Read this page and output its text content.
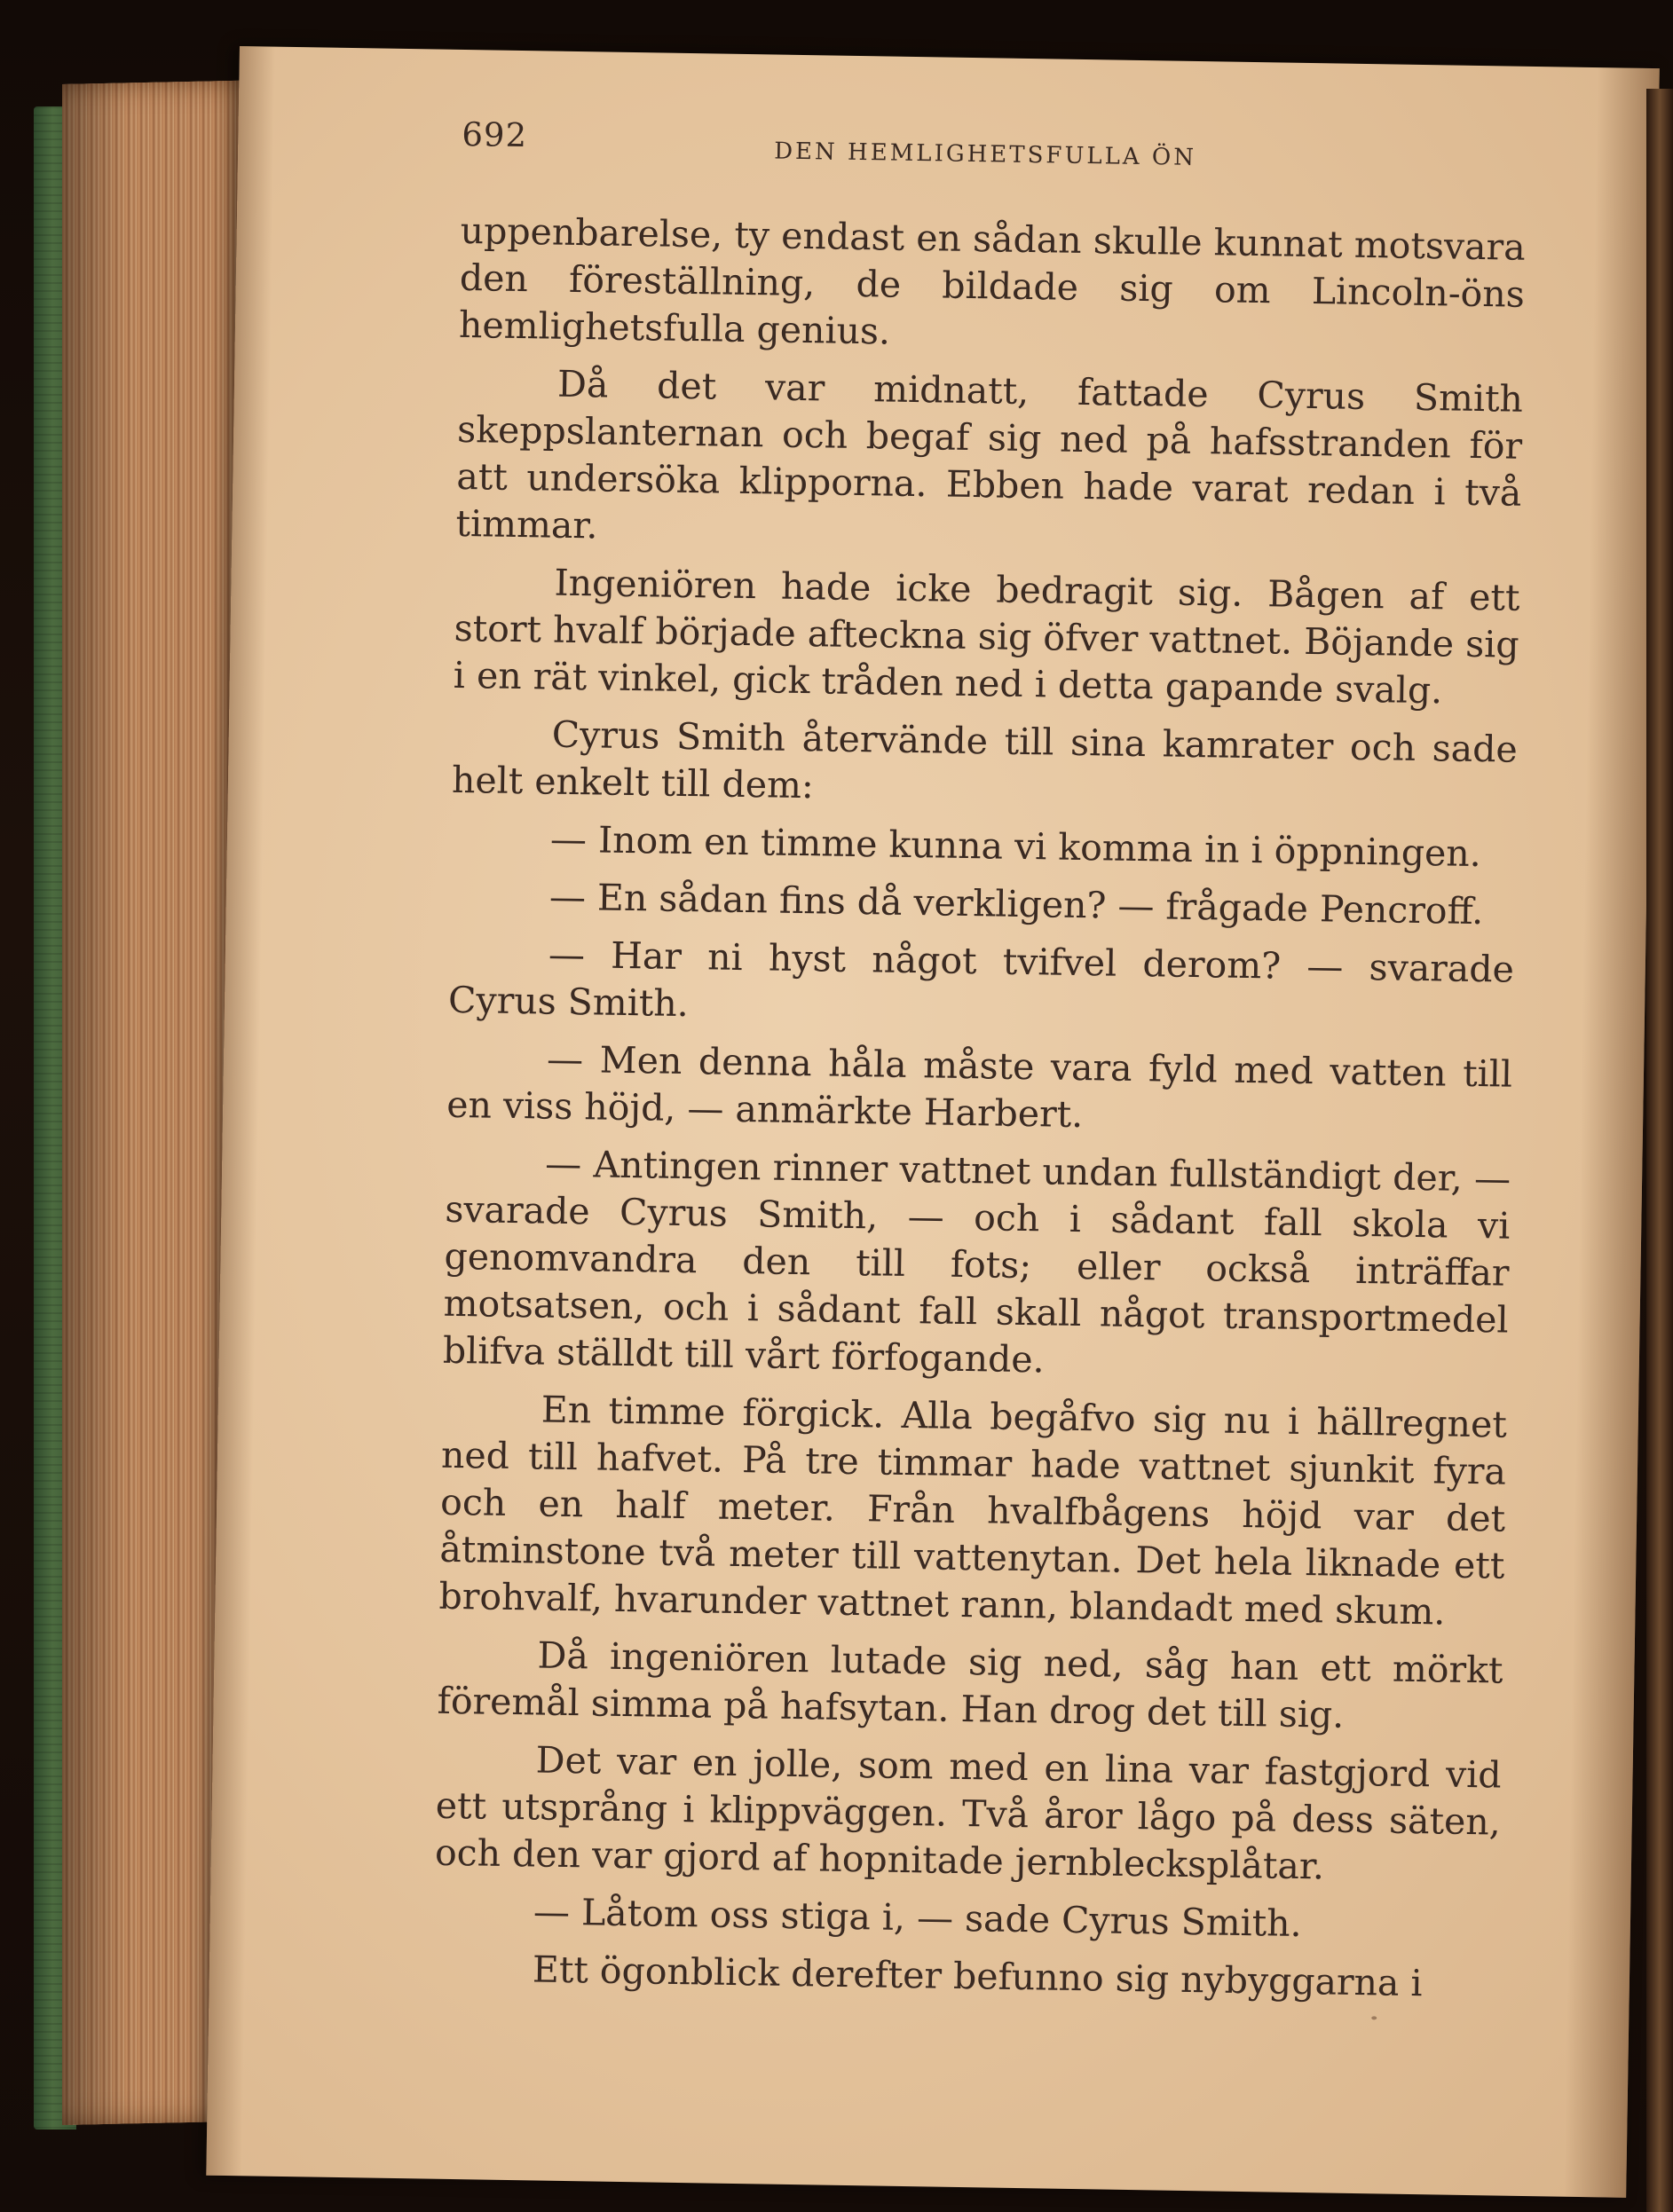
692
DEN HEMLIGHETSFULLA ÖN

uppenbarelse, ty endast en sådan skulle kunnat motsvara den föreställning, de bildade sig om Lincoln-öns hemlighetsfulla genius.

Då det var midnatt, fattade Cyrus Smith skeppslanternan och begaf sig ned på hafsstranden för att undersöka klipporna. Ebben hade varat redan i två timmar.

Ingeniören hade icke bedragit sig. Bågen af ett stort hvalf började afteckna sig öfver vattnet. Böjande sig i en rät vinkel, gick tråden ned i detta gapande svalg.

Cyrus Smith återvände till sina kamrater och sade helt enkelt till dem:

— Inom en timme kunna vi komma in i öppningen.

— En sådan fins då verkligen? — frågade Pencroff.

— Har ni hyst något tvifvel derom? — svarade Cyrus Smith.

— Men denna håla måste vara fyld med vatten till en viss höjd, — anmärkte Harbert.

— Antingen rinner vattnet undan fullständigt der, — svarade Cyrus Smith, — och i sådant fall skola vi genomvandra den till fots; eller också inträffar motsatsen, och i sådant fall skall något transportmedel blifva ställdt till vårt förfogande.

En timme förgick. Alla begåfvo sig nu i hällregnet ned till hafvet. På tre timmar hade vattnet sjunkit fyra och en half meter. Från hvalfbågens höjd var det åtminstone två meter till vattenytan. Det hela liknade ett brohvalf, hvarunder vattnet rann, blandadt med skum.

Då ingeniören lutade sig ned, såg han ett mörkt föremål simma på hafsytan. Han drog det till sig.

Det var en jolle, som med en lina var fastgjord vid ett utsprång i klippväggen. Två åror lågo på dess säten, och den var gjord af hopnitade jernblecksplåtar.

— Låtom oss stiga i, — sade Cyrus Smith.

Ett ögonblick derefter befunno sig nybyggarna i
